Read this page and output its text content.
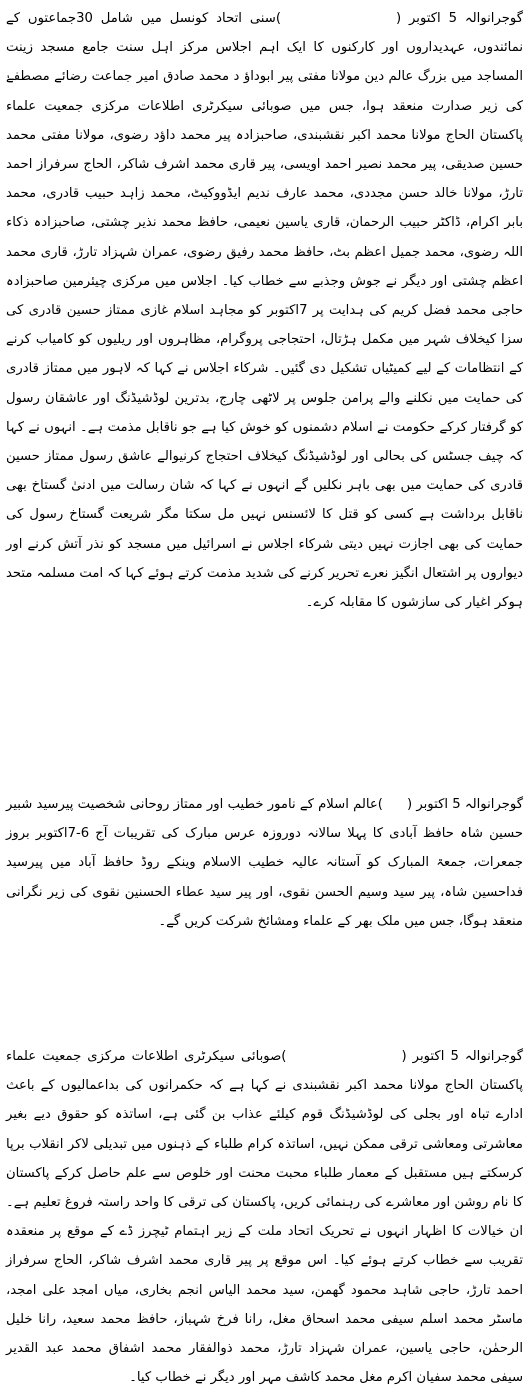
گوجرانوالہ 5 اکتوبر ()سنی اتحاد کونسل میں شامل 30جماعتوں کے نمائندوں، عہدیداروں اور کارکنوں کا ایک اہم اجلاس مرکز اہل سنت جامع مسجد زینت المساجد میں بزرگ عالم دین مولانا مفتی پیر ابوداؤ د محمد صادق امیر جماعت رضائے مصطفےٰ کی زیر صدارت منعقد ہوا، جس میں صوبائی سیکرٹری اطلاعات مرکزی جمعیت علماء پاکستان الحاج مولانا محمد اکبر نقشبندی، صاحبزادہ پیر محمد داؤد رضوی، مولانا مفتی محمد حسین صدیقی، پیر محمد نصیر احمد اویسی، پیر قاری محمد اشرف شاکر، الحاج سرفراز احمد تارڑ، مولانا خالد حسن مجددی، محمد عارف ندیم ایڈووکیٹ، محمد زاہد حبیب قادری، محمد بابر اکرام، ڈاکٹر حبیب الرحمان، قاری یاسین نعیمی، حافظ محمد نذیر چشتی، صاحبزادہ ذکاء اللہ رضوی، محمد جمیل اعظم بٹ، حافظ محمد رفیق رضوی، عمران شہزاد تارڑ، قاری محمد اعظم چشتی اور دیگر نے جوش وجذبے سے خطاب کیا۔ اجلاس میں مرکزی چیئرمین صاحبزادہ حاجی محمد فضل کریم کی ہدایت پر 7اکتوبر کو مجاہد اسلام غازی ممتاز حسین قادری کی سزا کیخلاف شہر میں مکمل ہڑتال، احتجاجی پروگرام، مظاہروں اور ریلیوں کو کامیاب کرنے کے انتظامات کے لیے کمیٹیاں تشکیل دی گئیں۔ شرکاء اجلاس نے کہا کہ لاہور میں ممتاز قادری کی حمایت میں نکلنے والے پرامن جلوس پر لاٹھی چارج، بدترین لوڈشیڈنگ اور عاشقان رسول کو گرفتار کرکے حکومت نے اسلام دشمنوں کو خوش کیا ہے جو ناقابل مذمت ہے۔ انہوں نے کہا کہ چیف جسٹس کی بحالی اور لوڈشیڈنگ کیخلاف احتجاج کرنیوالے عاشق رسول ممتاز حسین قادری کی حمایت میں بھی باہر نکلیں گے انہوں نے کہا کہ شان رسالت میں ادنیٰ گستاخ بھی ناقابل برداشت ہے کسی کو قتل کا لائسنس نہیں مل سکتا مگر شریعت گستاخ رسول کی حمایت کی بھی اجازت نہیں دیتی شرکاء اجلاس نے اسرائیل میں مسجد کو نذر آتش کرنے اور دیواروں پر اشتعال انگیز نعرے تحریر کرنے کی شدید مذمت کرتے ہوئے کہا کہ امت مسلمہ متحد ہوکر اغیار کی سازشوں کا مقابلہ کرے۔
گوجرانوالہ 5 اکتوبر ()عالم اسلام کے نامور خطیب اور ممتاز روحانی شخصیت پیرسید شبیر حسین شاہ حافظ آبادی کا پہلا سالانہ دوروزہ عرس مبارک کی تقریبات آج 6-7اکتوبر بروز جمعرات، جمعۃ المبارک کو آستانہ عالیہ خطیب الاسلام وینکے روڈ حافظ آباد میں پیرسید فداحسین شاہ، پیر سید وسیم الحسن نقوی، اور پیر سید عطاء الحسنین نقوی کی زیر نگرانی منعقد ہوگا، جس میں ملک بھر کے علماء ومشائخ شرکت کریں گے۔
گوجرانوالہ 5 اکتوبر ()صوبائی سیکرٹری اطلاعات مرکزی جمعیت علماء پاکستان الحاج مولانا محمد اکبر نقشبندی نے کہا ہے کہ حکمرانوں کی بداعمالیوں کے باعث ادارے تباہ اور بجلی کی لوڈشیڈنگ قوم کیلئے عذاب بن گئی ہے، اساتذہ کو حقوق دیے بغیر معاشرتی ومعاشی ترقی ممکن نہیں، اساتذہ کرام طلباء کے ذہنوں میں تبدیلی لاکر انقلاب برپا کرسکتے ہیں مستقبل کے معمار طلباء محبت محنت اور خلوص سے علم حاصل کرکے پاکستان کا نام روشن اور معاشرے کی رہنمائی کریں، پاکستان کی ترقی کا واحد راستہ فروغ تعلیم ہے۔ ان خیالات کا اظہار انہوں نے تحریک اتحاد ملت کے زیر اہتمام ٹیچرز ڈے کے موقع پر منعقدہ تقریب سے خطاب کرتے ہوئے کیا۔ اس موقع پر پیر قاری محمد اشرف شاکر، الحاج سرفراز احمد تارڑ، حاجی شاہد محمود گھمن، سید محمد الیاس انجم بخاری، میاں امجد علی امجد، ماسٹر محمد اسلم سیفی محمد اسحاق مغل، رانا فرخ شہباز، حافظ محمد سعید، رانا خلیل الرحمٰن، حاجی یاسین، عمران شہزاد تارڑ، محمد ذوالفقار محمد اشفاق محمد عبد القدیر سیفی محمد سفیان اکرم مغل محمد کاشف مہر اور دیگر نے خطاب کیا۔
